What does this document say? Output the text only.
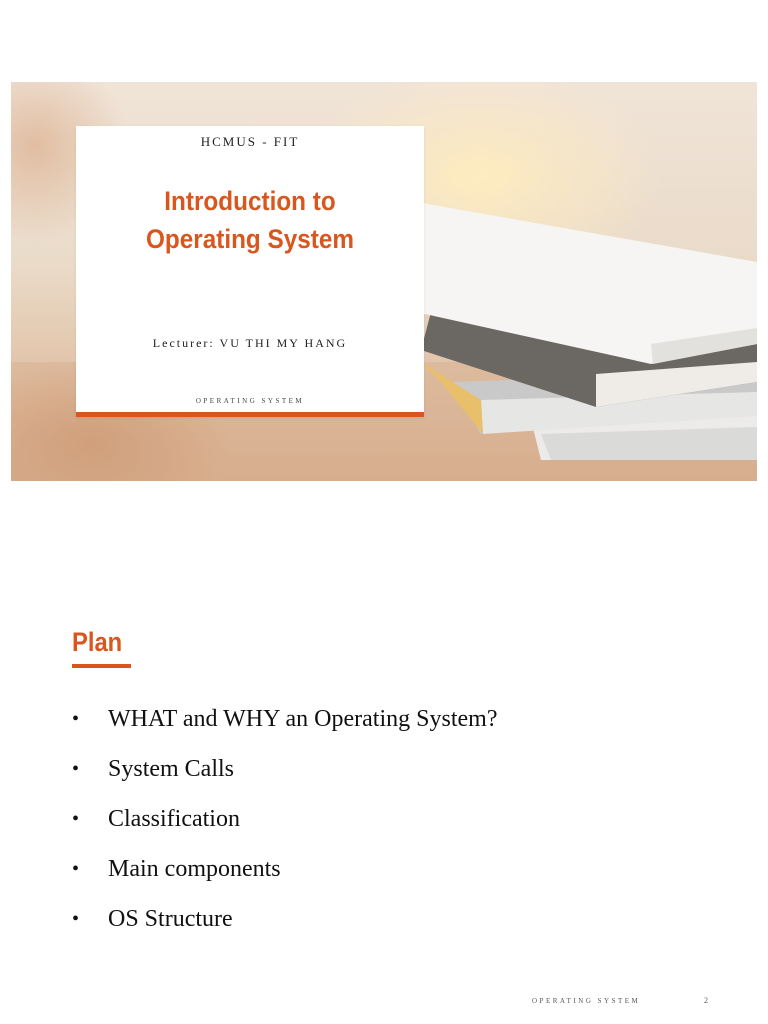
HCMUS - FIT
Introduction to
Operating System
Lecturer: VU THI MY HANG
OPERATING SYSTEM
Plan
• WHAT and WHY an Operating System?
• System Calls
• Classification
• Main components
• OS Structure
OPERATING SYSTEM	2
